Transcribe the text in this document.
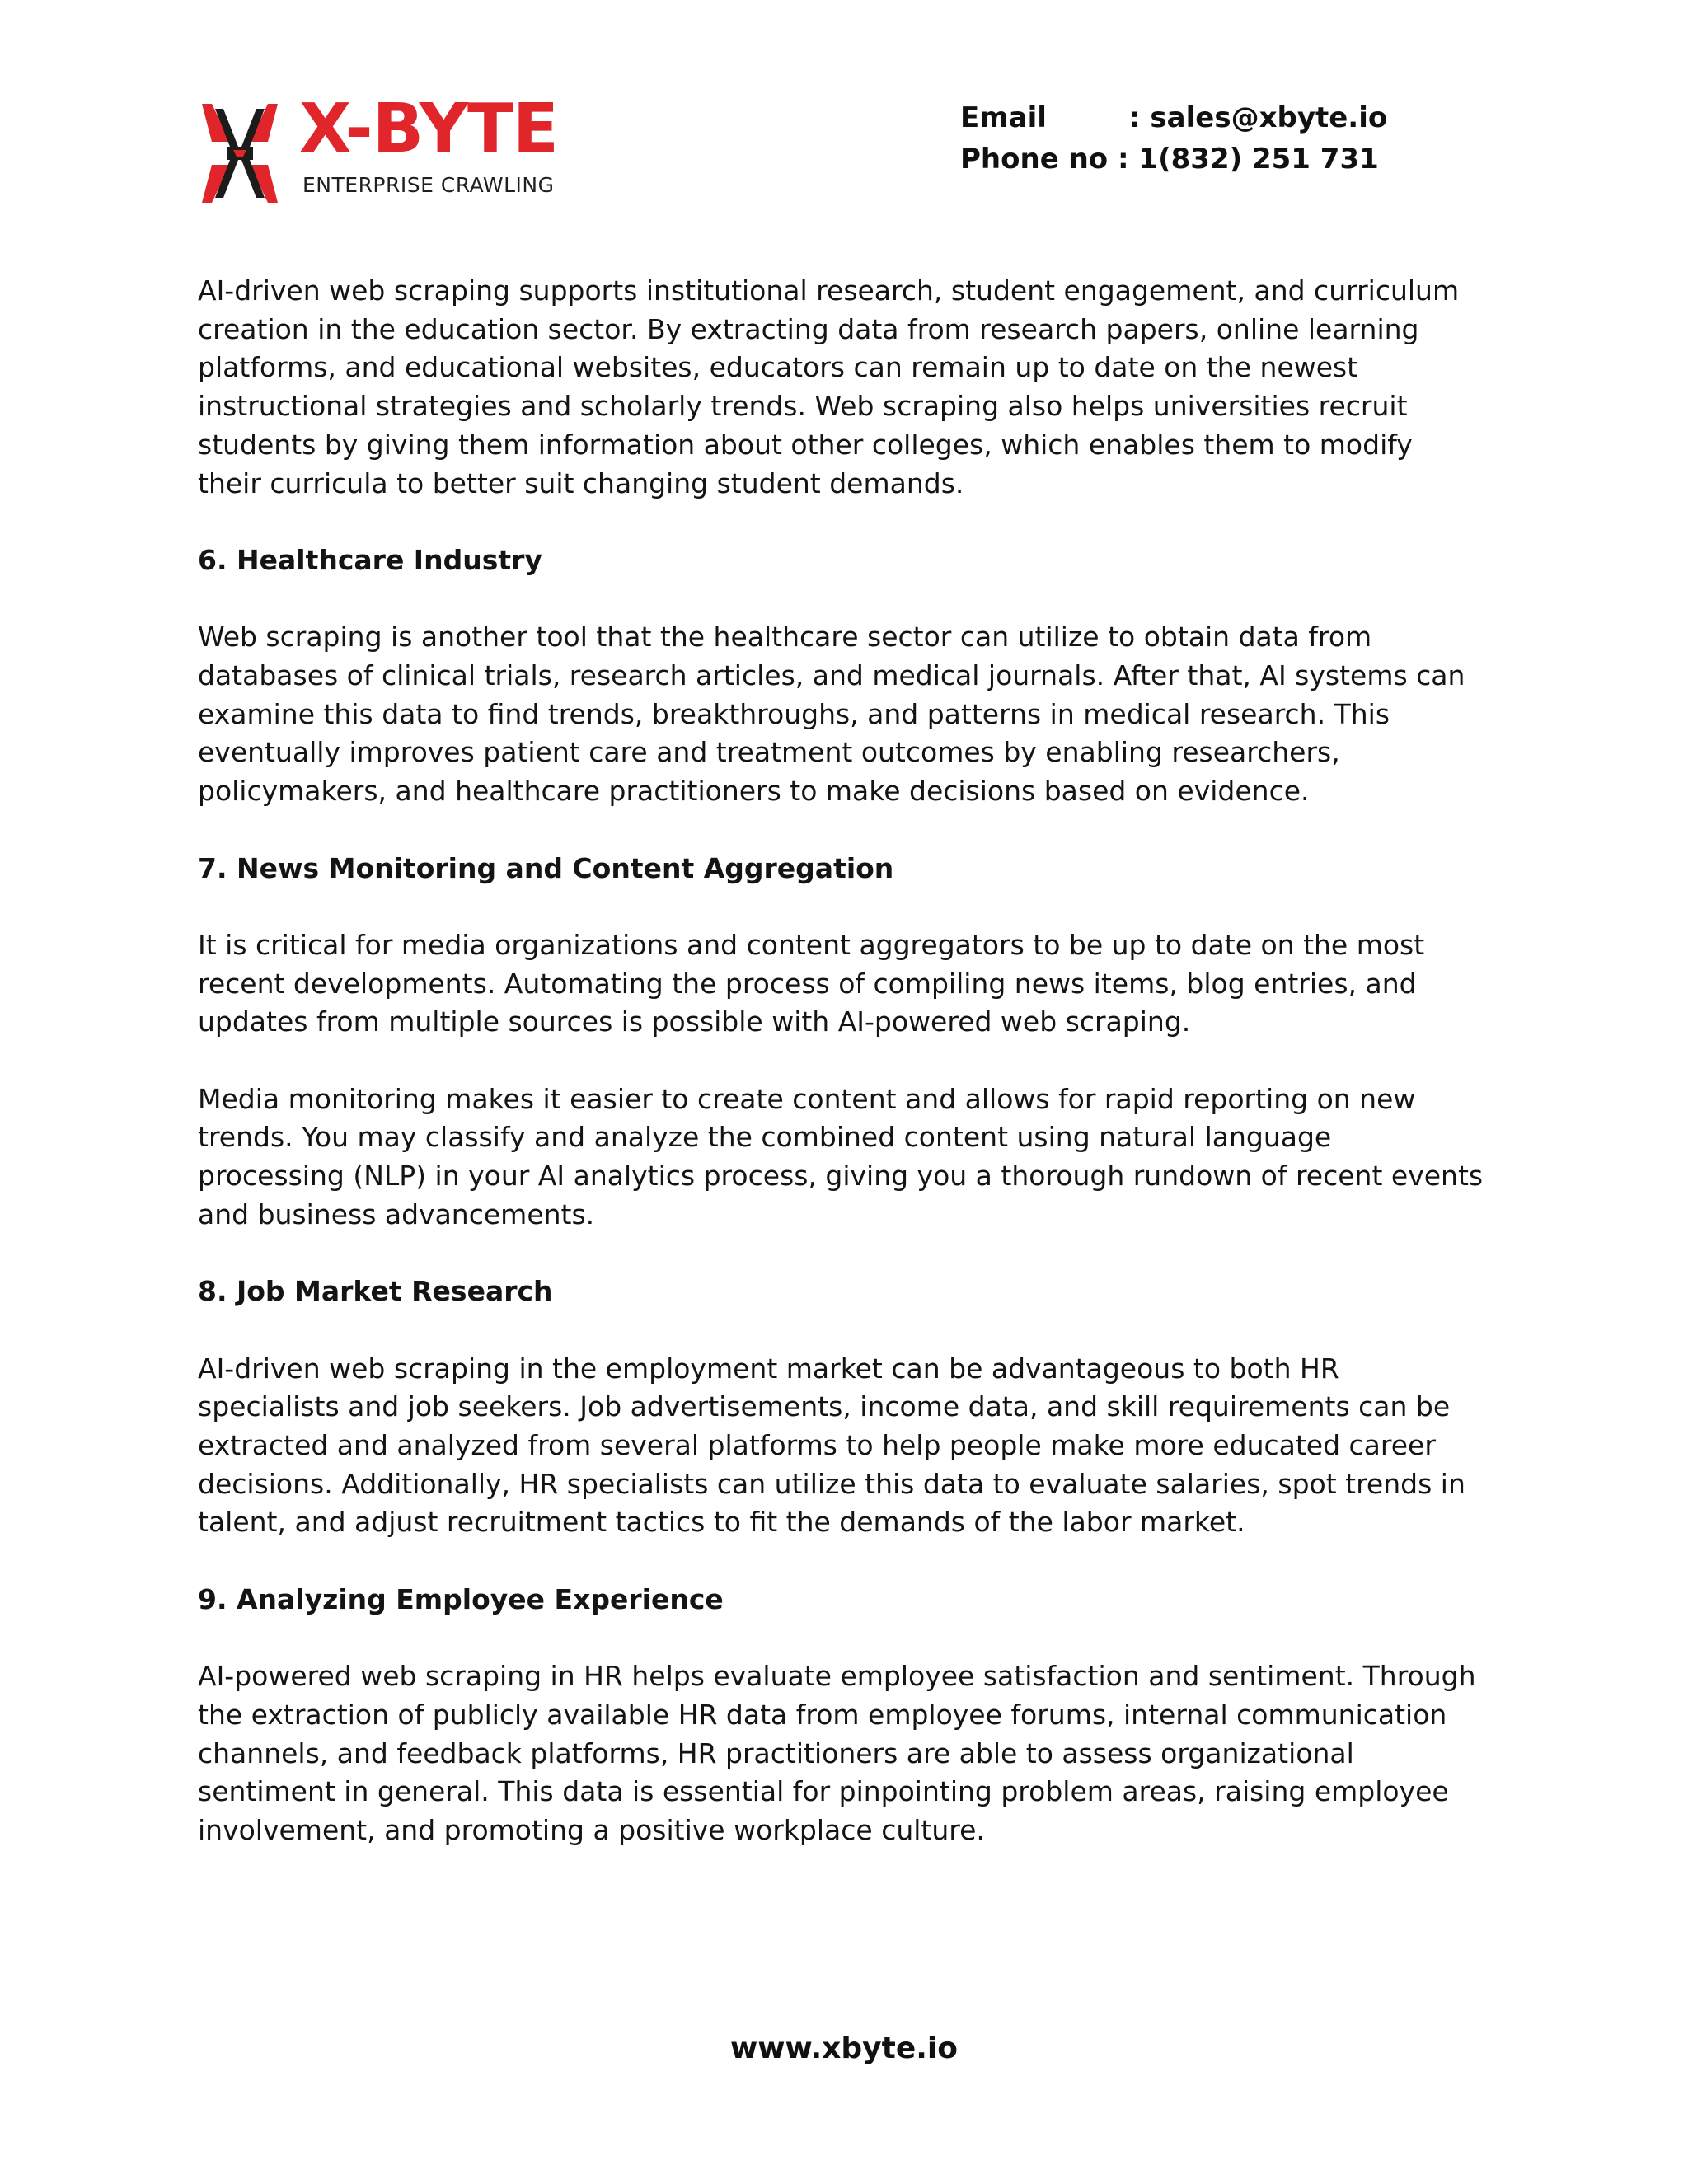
X-BYTE
ENTERPRISE CRAWLING
Email	: sales@xbyte.io
Phone no : 1(832) 251 731

AI-driven web scraping supports institutional research, student engagement, and curriculum creation in the education sector. By extracting data from research papers, online learning platforms, and educational websites, educators can remain up to date on the newest instructional strategies and scholarly trends. Web scraping also helps universities recruit students by giving them information about other colleges, which enables them to modify their curricula to better suit changing student demands.

6. Healthcare Industry

Web scraping is another tool that the healthcare sector can utilize to obtain data from databases of clinical trials, research articles, and medical journals. After that, AI systems can examine this data to find trends, breakthroughs, and patterns in medical research. This eventually improves patient care and treatment outcomes by enabling researchers, policymakers, and healthcare practitioners to make decisions based on evidence.

7. News Monitoring and Content Aggregation

It is critical for media organizations and content aggregators to be up to date on the most recent developments. Automating the process of compiling news items, blog entries, and updates from multiple sources is possible with AI-powered web scraping.

Media monitoring makes it easier to create content and allows for rapid reporting on new trends. You may classify and analyze the combined content using natural language processing (NLP) in your AI analytics process, giving you a thorough rundown of recent events and business advancements.

8. Job Market Research

AI-driven web scraping in the employment market can be advantageous to both HR specialists and job seekers. Job advertisements, income data, and skill requirements can be extracted and analyzed from several platforms to help people make more educated career decisions. Additionally, HR specialists can utilize this data to evaluate salaries, spot trends in talent, and adjust recruitment tactics to fit the demands of the labor market.

9. Analyzing Employee Experience

AI-powered web scraping in HR helps evaluate employee satisfaction and sentiment. Through the extraction of publicly available HR data from employee forums, internal communication channels, and feedback platforms, HR practitioners are able to assess organizational sentiment in general. This data is essential for pinpointing problem areas, raising employee involvement, and promoting a positive workplace culture.

www.xbyte.io
